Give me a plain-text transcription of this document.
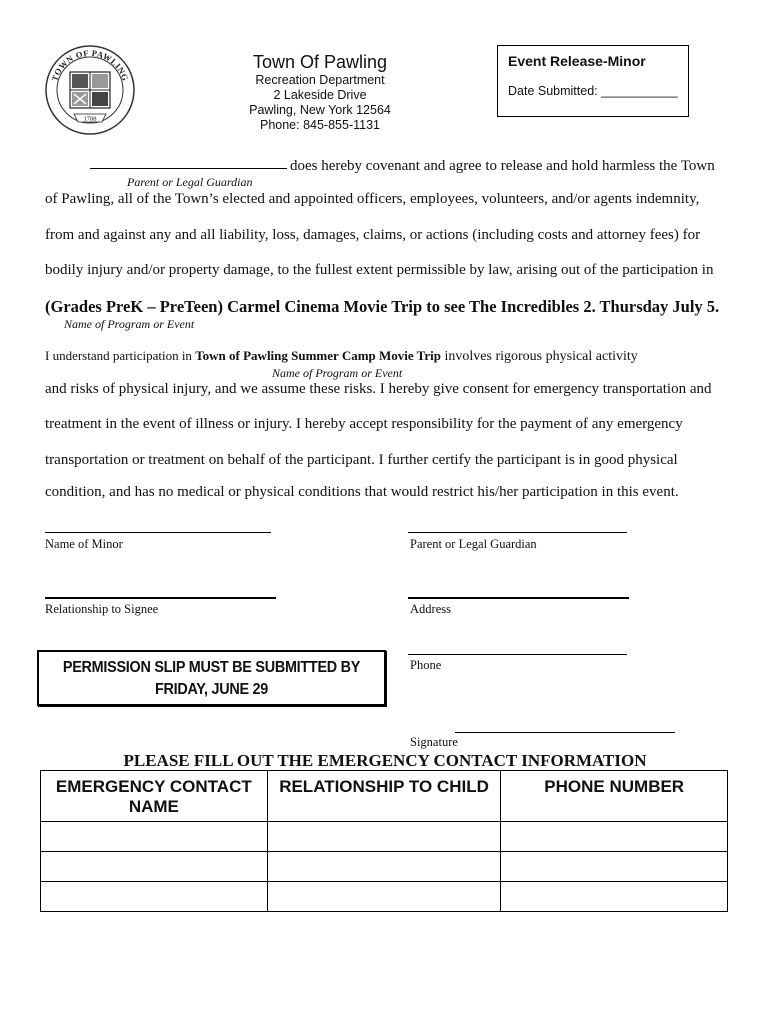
TOWN OF PAWLING
1788
Town Of Pawling
Recreation Department
2 Lakeside Drive
Pawling, New York 12564
Phone: 845-855-1131
Event Release-Minor
Date Submitted: ___________
does hereby covenant and agree to release and hold harmless the Town
Parent or Legal Guardian
of Pawling, all of the Town’s elected and appointed officers, employees, volunteers, and/or agents indemnity,
from and against any and all liability, loss, damages, claims, or actions (including costs and attorney fees) for
bodily injury and/or property damage, to the fullest extent permissible by law, arising out of the participation in
(Grades PreK – PreTeen) Carmel Cinema Movie Trip to see The Incredibles 2. Thursday July 5.
Name of Program or Event
I understand participation in Town of Pawling Summer Camp Movie Trip involves rigorous physical activity
Name of Program or Event
and risks of physical injury, and we assume these risks. I hereby give consent for emergency transportation and
treatment in the event of illness or injury. I hereby accept responsibility for the payment of any emergency
transportation or treatment on behalf of the participant. I further certify the participant is in good physical
condition, and has no medical or physical conditions that would restrict his/her participation in this event.
Name of Minor	Parent or Legal Guardian
Relationship to Signee	Address
Phone
Signature
PERMISSION SLIP MUST BE SUBMITTED BY
FRIDAY, JUNE 29
PLEASE FILL OUT THE EMERGENCY CONTACT INFORMATION
EMERGENCY CONTACT NAME	RELATIONSHIP TO CHILD	PHONE NUMBER
